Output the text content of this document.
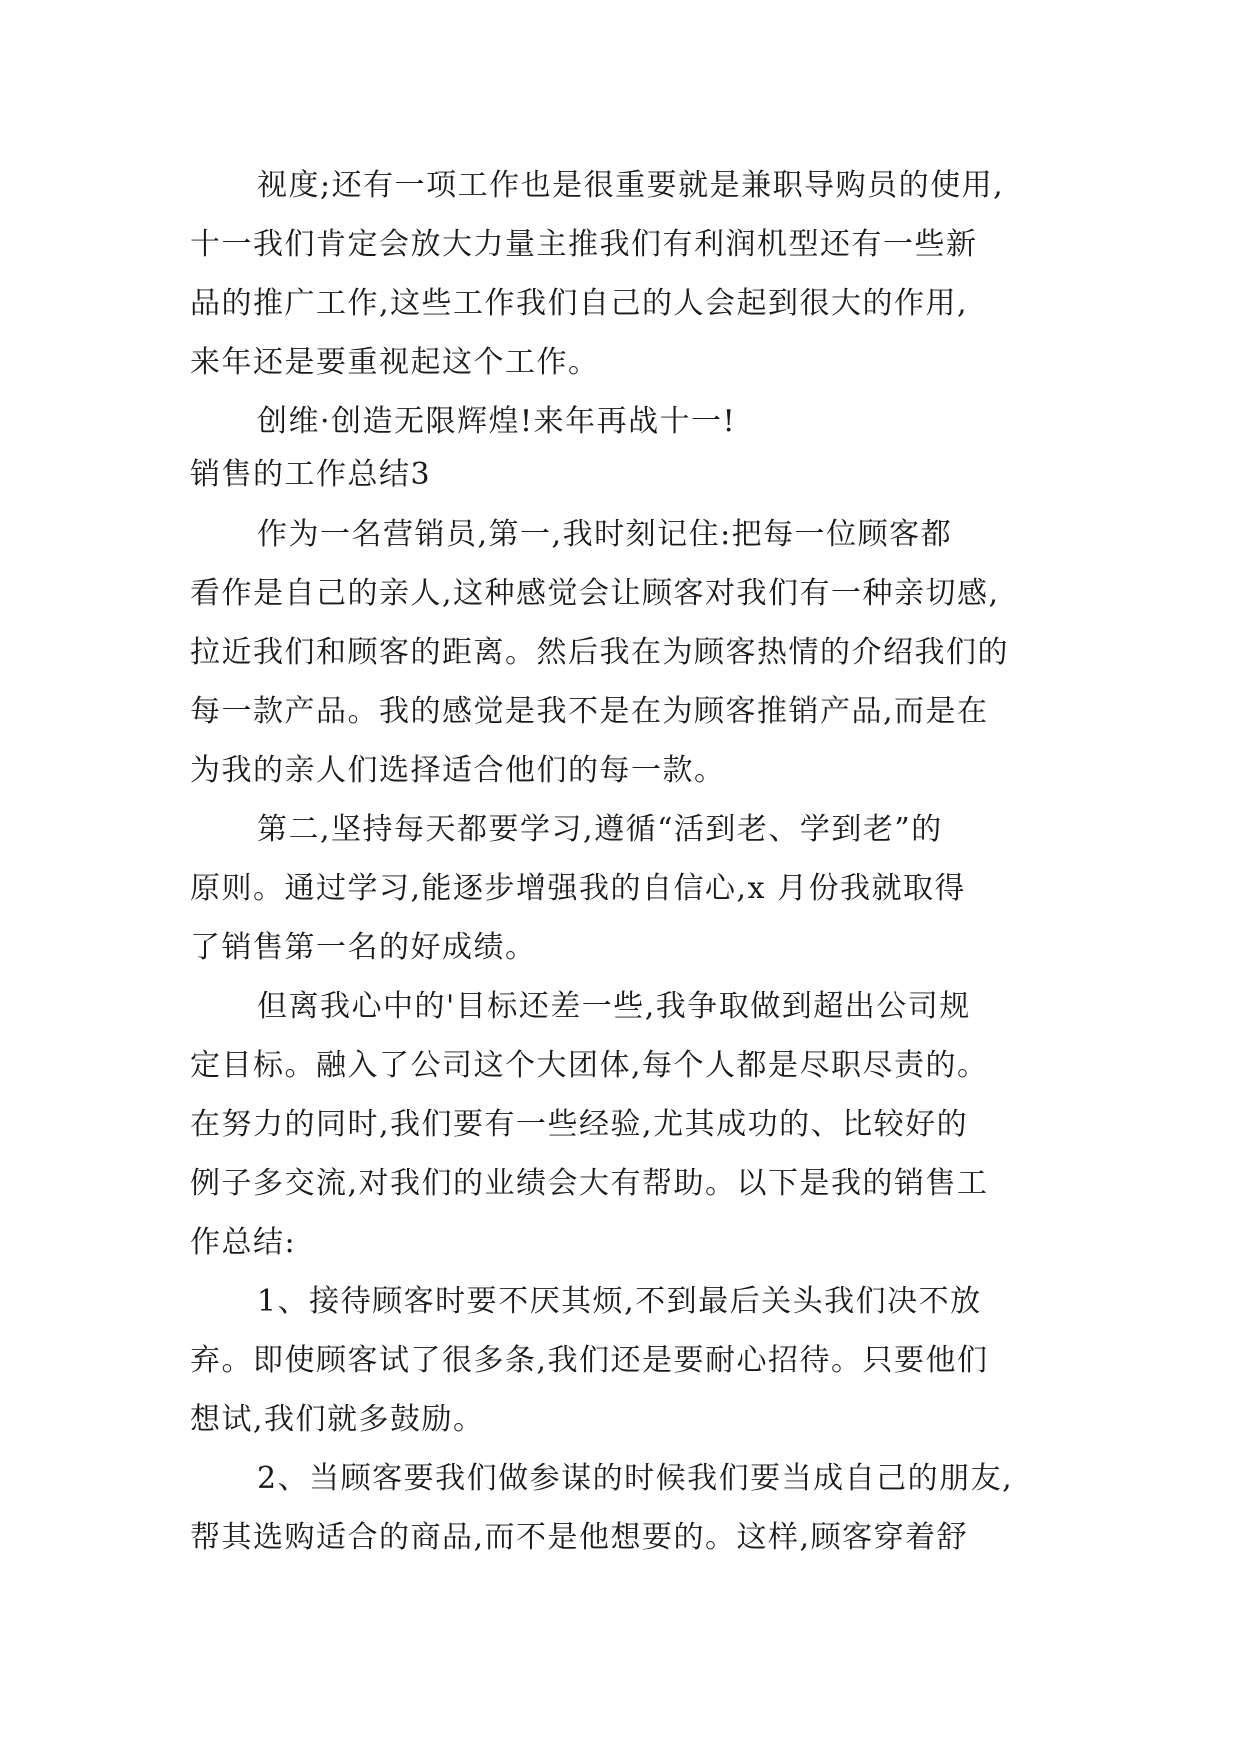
视度;还有一项工作也是很重要就是兼职导购员的使用,
十一我们肯定会放大力量主推我们有利润机型还有一些新
品的推广工作,这些工作我们自己的人会起到很大的作用,
来年还是要重视起这个工作。
创维·创造无限辉煌!来年再战十一!
销售的工作总结3
作为一名营销员,第一,我时刻记住:把每一位顾客都
看作是自己的亲人,这种感觉会让顾客对我们有一种亲切感,
拉近我们和顾客的距离。然后我在为顾客热情的介绍我们的
每一款产品。我的感觉是我不是在为顾客推销产品,而是在
为我的亲人们选择适合他们的每一款。
第二,坚持每天都要学习,遵循“活到老、学到老”的
原则。通过学习,能逐步增强我的自信心,x 月份我就取得
了销售第一名的好成绩。
但离我心中的'目标还差一些,我争取做到超出公司规
定目标。融入了公司这个大团体,每个人都是尽职尽责的。
在努力的同时,我们要有一些经验,尤其成功的、比较好的
例子多交流,对我们的业绩会大有帮助。以下是我的销售工
作总结:
1、接待顾客时要不厌其烦,不到最后关头我们决不放
弃。即使顾客试了很多条,我们还是要耐心招待。只要他们
想试,我们就多鼓励。
2、当顾客要我们做参谋的时候我们要当成自己的朋友,
帮其选购适合的商品,而不是他想要的。这样,顾客穿着舒
